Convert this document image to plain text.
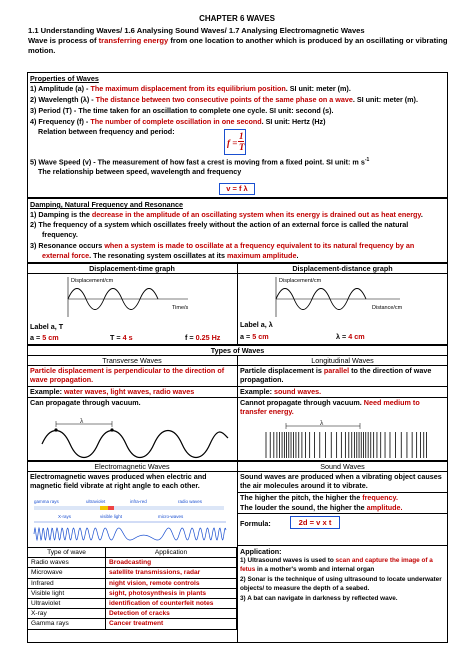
CHAPTER 6 WAVES
1.1 Understanding Waves/ 1.6 Analysing Sound Waves/ 1.7 Analysing Electromagnetic Waves
Wave is process of transferring energy from one location to another which is produced by an oscillating or vibrating motion.
Properties of Waves
1) Amplitude (a) - The maximum displacement from its equilibrium position. SI unit: meter (m).
2) Wavelength (λ) - The distance between two consecutive points of the same phase on a wave. SI unit: meter (m).
3) Period (T) - The time taken for an oscillation to complete one cycle. SI unit: second (s).
4) Frequency (f) - The number of complete oscillation in one second. SI unit: Hertz (Hz)
Relation between frequency and period:
f =
1
T
5) Wave Speed (v) - The measurement of how fast a crest is moving from a fixed point. SI unit: m $s^{-1}$
The relationship between speed, wavelength and frequency
v = f λ
Damping, Natural Frequency and Resonance
1) Damping is the decrease in the amplitude of an oscillating system when its energy is drained out as heat energy.
2) The frequency of a system which oscillates freely without the action of an external force is called the natural
frequency.
3) Resonance occurs when a system is made to oscillate at a frequency equivalent to its natural frequency by an
external force. The resonating system oscillates at its maximum amplitude.
Displacement-time graph	Displacement-distance graph
Displacement/cm
Time/s
Displacement/cm
Distance/cm
Label a, T
a = 5 cm	T = 4 s	f = 0.25 Hz
Label a, λ
a = 5 cm	λ = 4 cm
Types of Waves
Transverse Waves	Longitudinal Waves
Particle displacement is perpendicular to the direction of wave propagation.
Particle displacement is parallel to the direction of wave propagation.
Example: water waves, light waves, radio waves	Example: sound waves.
Can propagate through vacuum.	Cannot propagate through vacuum. Need medium to transfer energy.
λ	λ
Electromagnetic Waves	Sound Waves
Electromagnetic waves produced when electric and magnetic field vibrate at right angle to each other.
Sound waves are produced when a vibrating object causes the air molecules around it to vibrate.
The higher the pitch, the higher the frequency.
The louder the sound, the higher the amplitude.
Formula:	2d = v x t
gamma rays	ultraviolet	infra-red	radio waves
X-rays	visible light	micro-waves
Type of wave	Application
Radio waves	Broadcasting
Microwave	satellite transmissions, radar
Infrared	night vision, remote controls
Visible light	sight, photosynthesis in plants
Ultraviolet	identification of counterfeit notes
X-ray	Detection of cracks
Gamma rays	Cancer treatment
Application:
1) Ultrasound waves is used to scan and capture the image of a fetus in a mother's womb and internal organ
2) Sonar is the technique of using ultrasound to locate underwater objects/ to measure the depth of a seabed.
3) A bat can navigate in darkness by reflected wave.
